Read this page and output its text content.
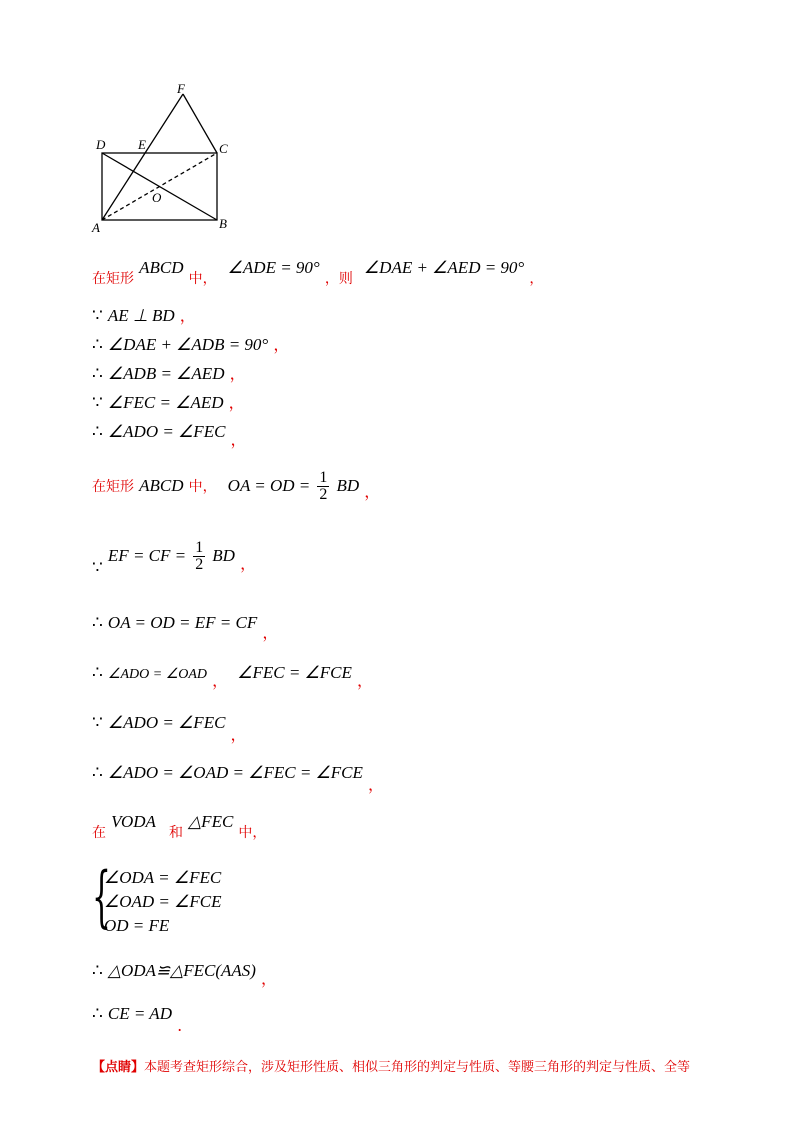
F
D	E	C
O
A	B
在矩形 ABCD 中， ∠ADE = 90° ，则 ∠DAE + ∠AED = 90° ，
∵ AE ⊥ BD ，
∴ ∠DAE + ∠ADB = 90° ，
∴ ∠ADB = ∠AED ，
∵ ∠FEC = ∠AED ，
∴ ∠ADO = ∠FEC ，
在矩形 ABCD 中， OA = OD = $\frac{1}{2}$ BD ，
∵ EF = CF = $\frac{1}{2}$ BD ，
∴ OA = OD = EF = CF ，
∴ ∠ADO = ∠OAD ， ∠FEC = ∠FCE ，
∵ ∠ADO = ∠FEC ，
∴ ∠ADO = ∠OAD = ∠FEC = ∠FCE ，
在 VODA 和 △FEC 中，
{
∠ODA = ∠FEC
∠OAD = ∠FCE
OD = FE
∴ △ODA≌△FEC(AAS) ，
∴ CE = AD .
【点睛】本题考查矩形综合，涉及矩形性质、相似三角形的判定与性质、等腰三角形的判定与性质、全等
